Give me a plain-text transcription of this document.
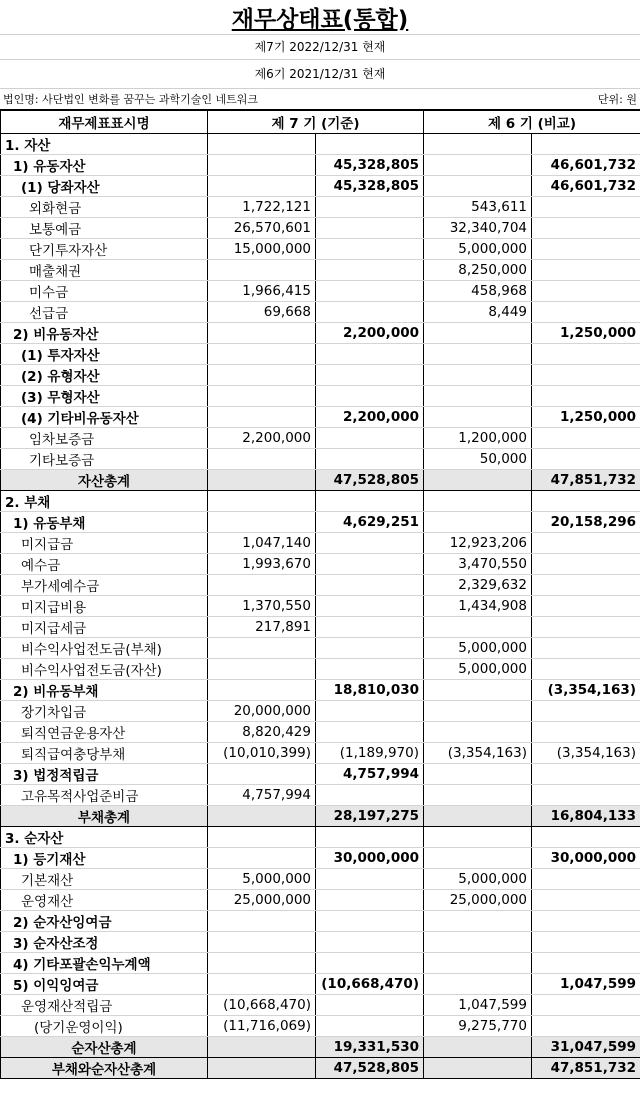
재무상태표(통합)
제7기 2022/12/31 현재
제6기 2021/12/31 현재
법인명: 사단법인 변화를 꿈꾸는 과학기술인 네트워크	단위: 원
재무제표표시명	제 7 기 (기준)		제 6 기 (비교)	
1. 자산				
1) 유동자산		45,328,805		46,601,732
(1) 당좌자산		45,328,805		46,601,732
외화현금	1,722,121		543,611	
보통예금	26,570,601		32,340,704	
단기투자자산	15,000,000		5,000,000	
매출채권			8,250,000	
미수금	1,966,415		458,968	
선급금	69,668		8,449	
2) 비유동자산		2,200,000		1,250,000
(1) 투자자산				
(2) 유형자산				
(3) 무형자산				
(4) 기타비유동자산		2,200,000		1,250,000
임차보증금	2,200,000		1,200,000	
기타보증금			50,000	
자산총계		47,528,805		47,851,732
2. 부채				
1) 유동부채		4,629,251		20,158,296
미지급금	1,047,140		12,923,206	
예수금	1,993,670		3,470,550	
부가세예수금			2,329,632	
미지급비용	1,370,550		1,434,908	
미지급세금	217,891			
비수익사업전도금(부채)			5,000,000	
비수익사업전도금(자산)			5,000,000	
2) 비유동부채		18,810,030		(3,354,163)
장기차입금	20,000,000			
퇴직연금운용자산	8,820,429			
퇴직급여충당부채	(10,010,399)	(1,189,970)	(3,354,163)	(3,354,163)
3) 법정적립금		4,757,994		
고유목적사업준비금	4,757,994			
부채총계		28,197,275		16,804,133
3. 순자산				
1) 등기재산		30,000,000		30,000,000
기본재산	5,000,000		5,000,000	
운영재산	25,000,000		25,000,000	
2) 순자산잉여금				
3) 순자산조정				
4) 기타포괄손익누계액				
5) 이익잉여금		(10,668,470)		1,047,599
운영재산적립금	(10,668,470)		1,047,599	
(당기운영이익)	(11,716,069)		9,275,770	
순자산총계		19,331,530		31,047,599
부채와순자산총계		47,528,805		47,851,732
